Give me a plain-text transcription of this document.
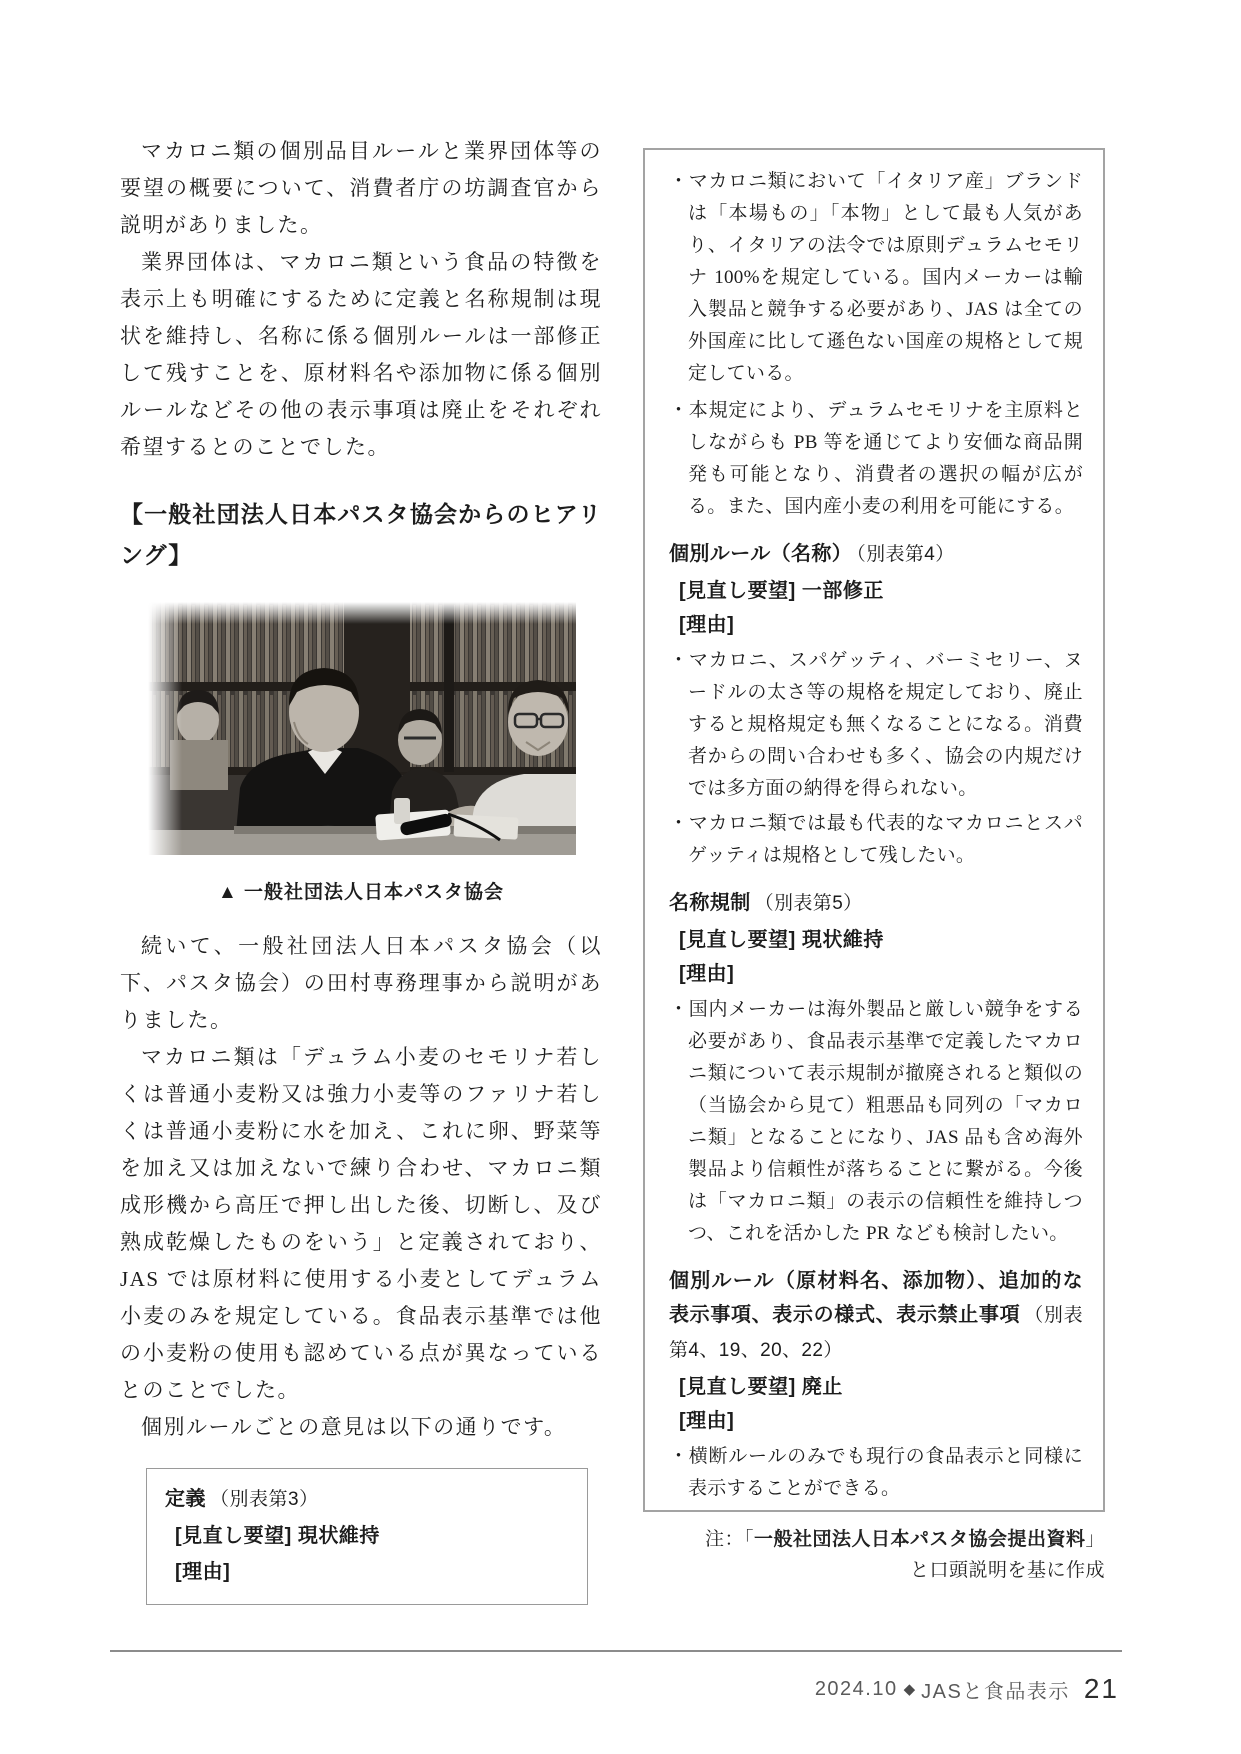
マカロニ類の個別品目ルールと業界団体等の要望の概要について、消費者庁の坊調査官から説明がありました。

業界団体は、マカロニ類という食品の特徴を表示上も明確にするために定義と名称規制は現状を維持し、名称に係る個別ルールは一部修正して残すことを、原材料名や添加物に係る個別ルールなどその他の表示事項は廃止をそれぞれ希望するとのことでした。

【一般社団法人日本パスタ協会からのヒアリング】
▲ 一般社団法人日本パスタ協会

続いて、一般社団法人日本パスタ協会（以下、パスタ協会）の田村専務理事から説明がありました。

マカロニ類は「デュラム小麦のセモリナ若しくは普通小麦粉又は強力小麦等のファリナ若しくは普通小麦粉に水を加え、これに卵、野菜等を加え又は加えないで練り合わせ、マカロニ類成形機から高圧で押し出した後、切断し、及び熟成乾燥したものをいう」と定義されており、JAS では原材料に使用する小麦としてデュラム小麦のみを規定している。食品表示基準では他の小麦粉の使用も認めている点が異なっているとのことでした。

個別ルールごとの意見は以下の通りです。

定義 （別表第3）
[見直し要望] 現状維持
[理由]

・マカロニ類において「イタリア産」ブランドは「本場もの」「本物」として最も人気があり、イタリアの法令では原則デュラムセモリナ 100%を規定している。国内メーカーは輸入製品と競争する必要があり、JAS は全ての外国産に比して遜色ない国産の規格として規定している。

・本規定により、デュラムセモリナを主原料としながらも PB 等を通じてより安価な商品開発も可能となり、消費者の選択の幅が広がる。また、国内産小麦の利用を可能にする。

個別ルール（名称） （別表第4）
[見直し要望] 一部修正
[理由]

・マカロニ、スパゲッティ、バーミセリー、ヌードルの太さ等の規格を規定しており、廃止すると規格規定も無くなることになる。消費者からの問い合わせも多く、協会の内規だけでは多方面の納得を得られない。

・マカロニ類では最も代表的なマカロニとスパゲッティは規格として残したい。

名称規制 （別表第5）
[見直し要望] 現状維持
[理由]

・国内メーカーは海外製品と厳しい競争をする必要があり、食品表示基準で定義したマカロニ類について表示規制が撤廃されると類似の（当協会から見て）粗悪品も同列の「マカロニ類」となることになり、JAS 品も含め海外製品より信頼性が落ちることに繋がる。今後は「マカロニ類」の表示の信頼性を維持しつつ、これを活かした PR なども検討したい。

個別ルール（原材料名、添加物）、追加的な表示事項、表示の様式、表示禁止事項 （別表第4、19、20、22）
[見直し要望] 廃止
[理由]

・横断ルールのみでも現行の食品表示と同様に表示することができる。

注：「一般社団法人日本パスタ協会提出資料」
と口頭説明を基に作成
2024.10 ◆ JASと食品表示 21
